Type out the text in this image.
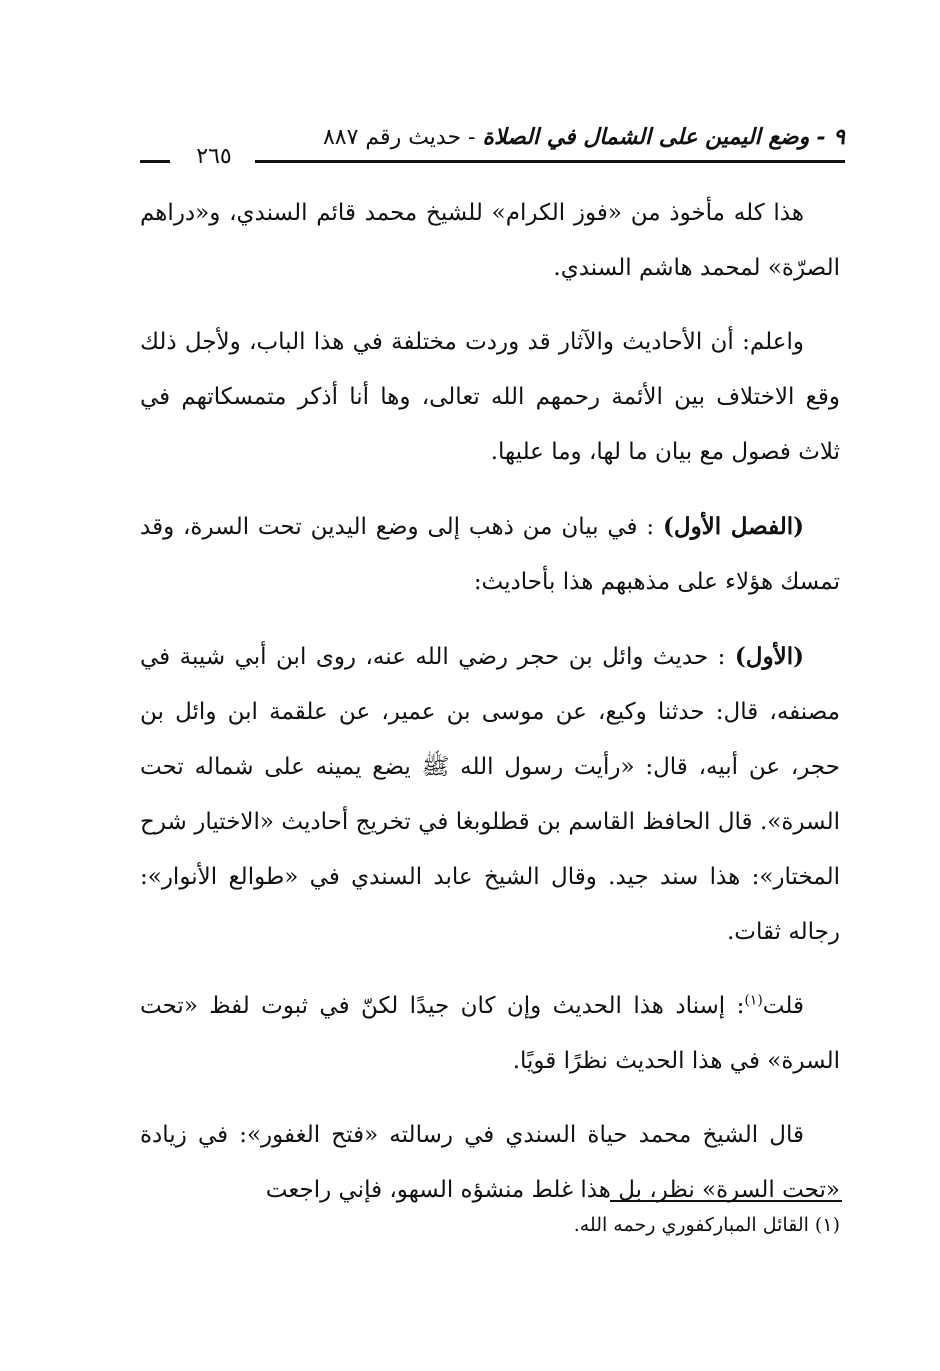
٩ - وضع اليمين على الشمال في الصلاة - حديث رقم ٨٨٧
٢٦٥

هذا كله مأخوذ من «فوز الكرام» للشيخ محمد قائم السندي، و«دراهم الصرّة» لمحمد هاشم السندي.

واعلم: أن الأحاديث والآثار قد وردت مختلفة في هذا الباب، ولأجل ذلك وقع الاختلاف بين الأئمة رحمهم الله تعالى، وها أنا أذكر متمسكاتهم في ثلاث فصول مع بيان ما لها، وما عليها.

(الفصل الأول) : في بيان من ذهب إلى وضع اليدين تحت السرة، وقد تمسك هؤلاء على مذهبهم هذا بأحاديث:

(الأول) : حديث وائل بن حجر رضي الله عنه، روى ابن أبي شيبة في مصنفه، قال: حدثنا وكيع، عن موسى بن عمير، عن علقمة ابن وائل بن حجر، عن أبيه، قال: «رأيت رسول الله ﷺ يضع يمينه على شماله تحت السرة». قال الحافظ القاسم بن قطلوبغا في تخريج أحاديث «الاختيار شرح المختار»: هذا سند جيد. وقال الشيخ عابد السندي في «طوالع الأنوار»: رجاله ثقات.

قلت$^{(١)}$: إسناد هذا الحديث وإن كان جيدًا لكنّ في ثبوت لفظ «تحت السرة» في هذا الحديث نظرًا قويًا.

قال الشيخ محمد حياة السندي في رسالته «فتح الغفور»: في زيادة «تحت السرة» نظر، بل هذا غلط منشؤه السهو، فإني راجعت

(١) القائل المباركفوري رحمه الله.
